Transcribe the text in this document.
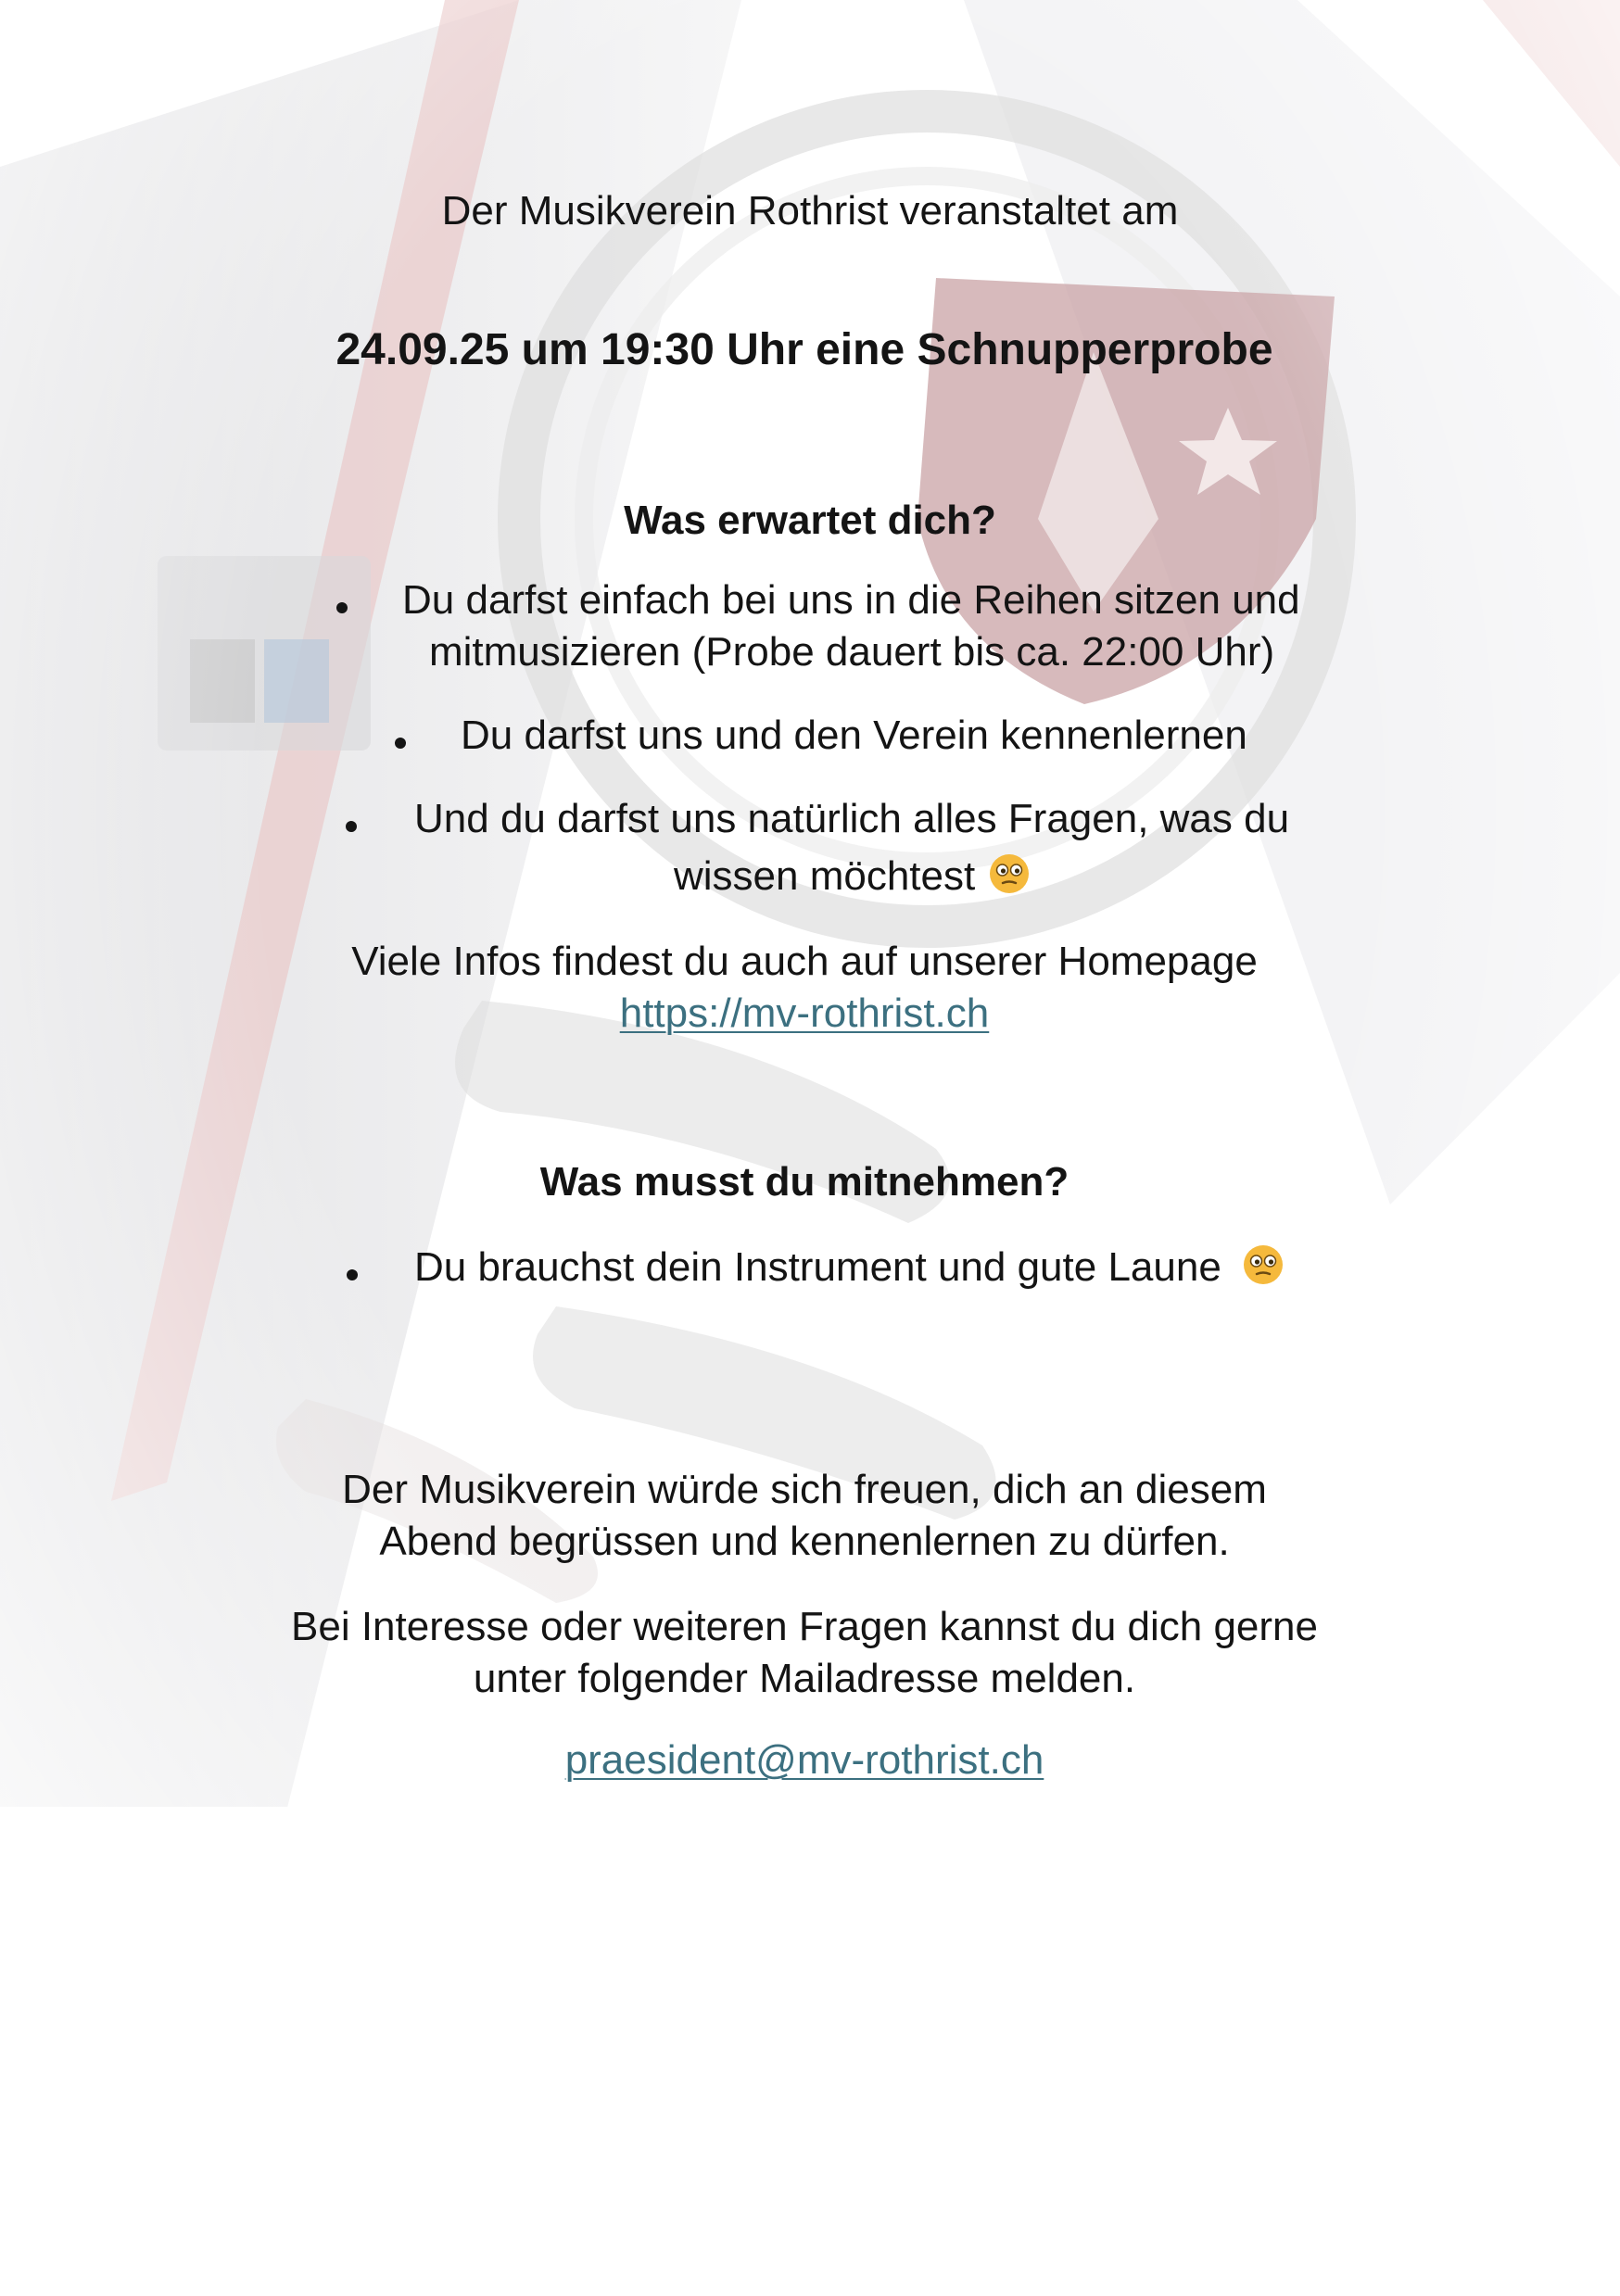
Der Musikverein Rothrist veranstaltet am

24.09.25 um 19:30 Uhr eine Schnupperprobe

Was erwartet dich?

Du darfst einfach bei uns in die Reihen sitzen und
mitmusizieren (Probe dauert bis ca. 22:00 Uhr)
Du darfst uns und den Verein kennenlernen
Und du darfst uns natürlich alles Fragen, was du
wissen möchtest

Viele Infos findest du auch auf unserer Homepage

https://mv-rothrist.ch

Was musst du mitnehmen?

Du brauchst dein Instrument und gute Laune

Der Musikverein würde sich freuen, dich an diesem

Abend begrüssen und kennenlernen zu dürfen.

Bei Interesse oder weiteren Fragen kannst du dich gerne

unter folgender Mailadresse melden.

praesident@mv-rothrist.ch
